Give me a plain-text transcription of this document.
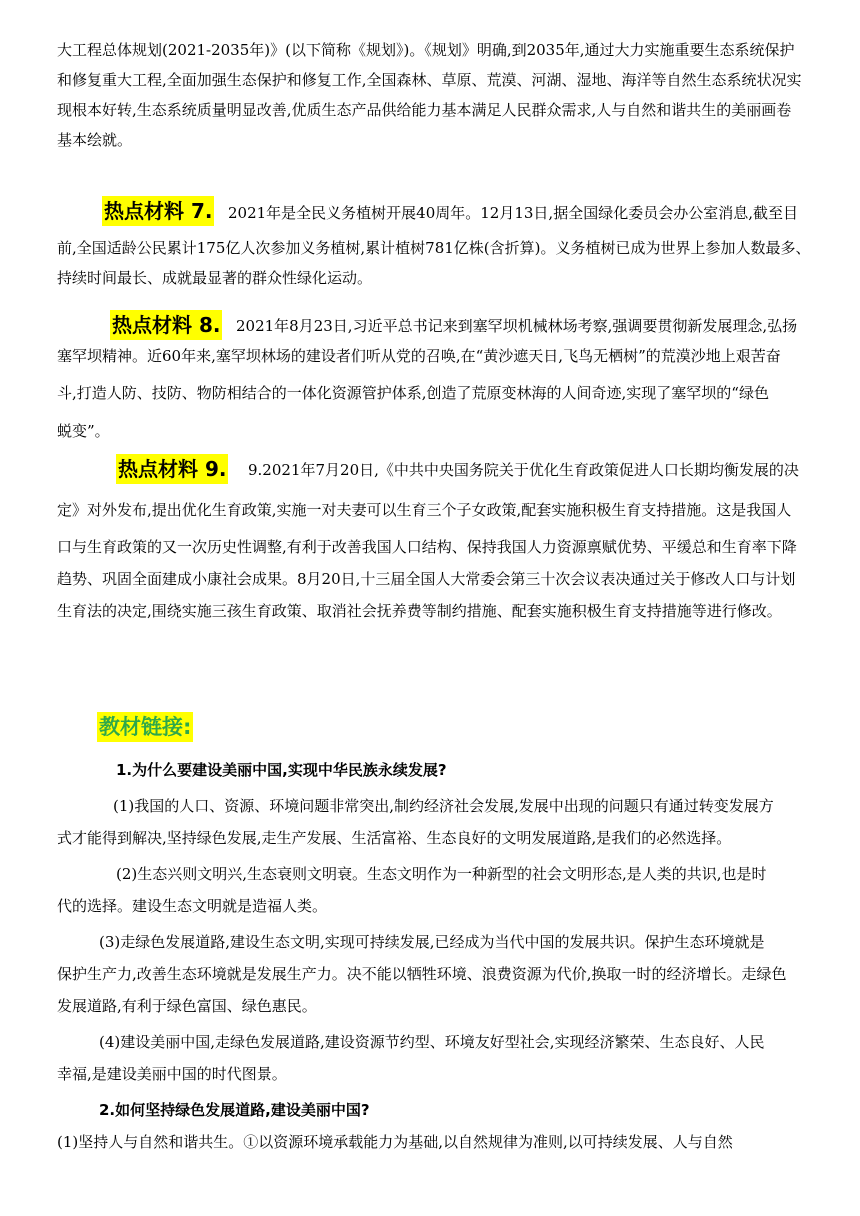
大工程总体规划(2021-2035年)》(以下简称《规划》)。《规划》明确,到2035年,通过大力实施重要生态系统保护
和修复重大工程,全面加强生态保护和修复工作,全国森林、草原、荒漠、河湖、湿地、海洋等自然生态系统状况实
现根本好转,生态系统质量明显改善,优质生态产品供给能力基本满足人民群众需求,人与自然和谐共生的美丽画卷
基本绘就。
热点材料 7. 2021年是全民义务植树开展40周年。12月13日,据全国绿化委员会办公室消息,截至目
前,全国适龄公民累计175亿人次参加义务植树,累计植树781亿株(含折算)。义务植树已成为世界上参加人数最多、
持续时间最长、成就最显著的群众性绿化运动。
热点材料 8. 2021年8月23日,习近平总书记来到塞罕坝机械林场考察,强调要贯彻新发展理念,弘扬
塞罕坝精神。近60年来,塞罕坝林场的建设者们听从党的召唤,在“黄沙遮天日,飞鸟无栖树”的荒漠沙地上艰苦奋
斗,打造人防、技防、物防相结合的一体化资源管护体系,创造了荒原变林海的人间奇迹,实现了塞罕坝的“绿色
蜕变”。
热点材料 9. 9.2021年7月20日,《中共中央国务院关于优化生育政策促进人口长期均衡发展的决
定》对外发布,提出优化生育政策,实施一对夫妻可以生育三个子女政策,配套实施积极生育支持措施。这是我国人
口与生育政策的又一次历史性调整,有利于改善我国人口结构、保持我国人力资源禀赋优势、平缓总和生育率下降
趋势、巩固全面建成小康社会成果。8月20日,十三届全国人大常委会第三十次会议表决通过关于修改人口与计划
生育法的决定,围绕实施三孩生育政策、取消社会抚养费等制约措施、配套实施积极生育支持措施等进行修改。
教材链接:
1.为什么要建设美丽中国,实现中华民族永续发展?
(1)我国的人口、资源、环境问题非常突出,制约经济社会发展,发展中出现的问题只有通过转变发展方
式才能得到解决,坚持绿色发展,走生产发展、生活富裕、生态良好的文明发展道路,是我们的必然选择。
(2)生态兴则文明兴,生态衰则文明衰。生态文明作为一种新型的社会文明形态,是人类的共识,也是时
代的选择。建设生态文明就是造福人类。
(3)走绿色发展道路,建设生态文明,实现可持续发展,已经成为当代中国的发展共识。保护生态环境就是
保护生产力,改善生态环境就是发展生产力。决不能以牺牲环境、浪费资源为代价,换取一时的经济增长。走绿色
发展道路,有利于绿色富国、绿色惠民。
(4)建设美丽中国,走绿色发展道路,建设资源节约型、环境友好型社会,实现经济繁荣、生态良好、人民
幸福,是建设美丽中国的时代图景。
2.如何坚持绿色发展道路,建设美丽中国?
(1)坚持人与自然和谐共生。①以资源环境承载能力为基础,以自然规律为准则,以可持续发展、人与自然
